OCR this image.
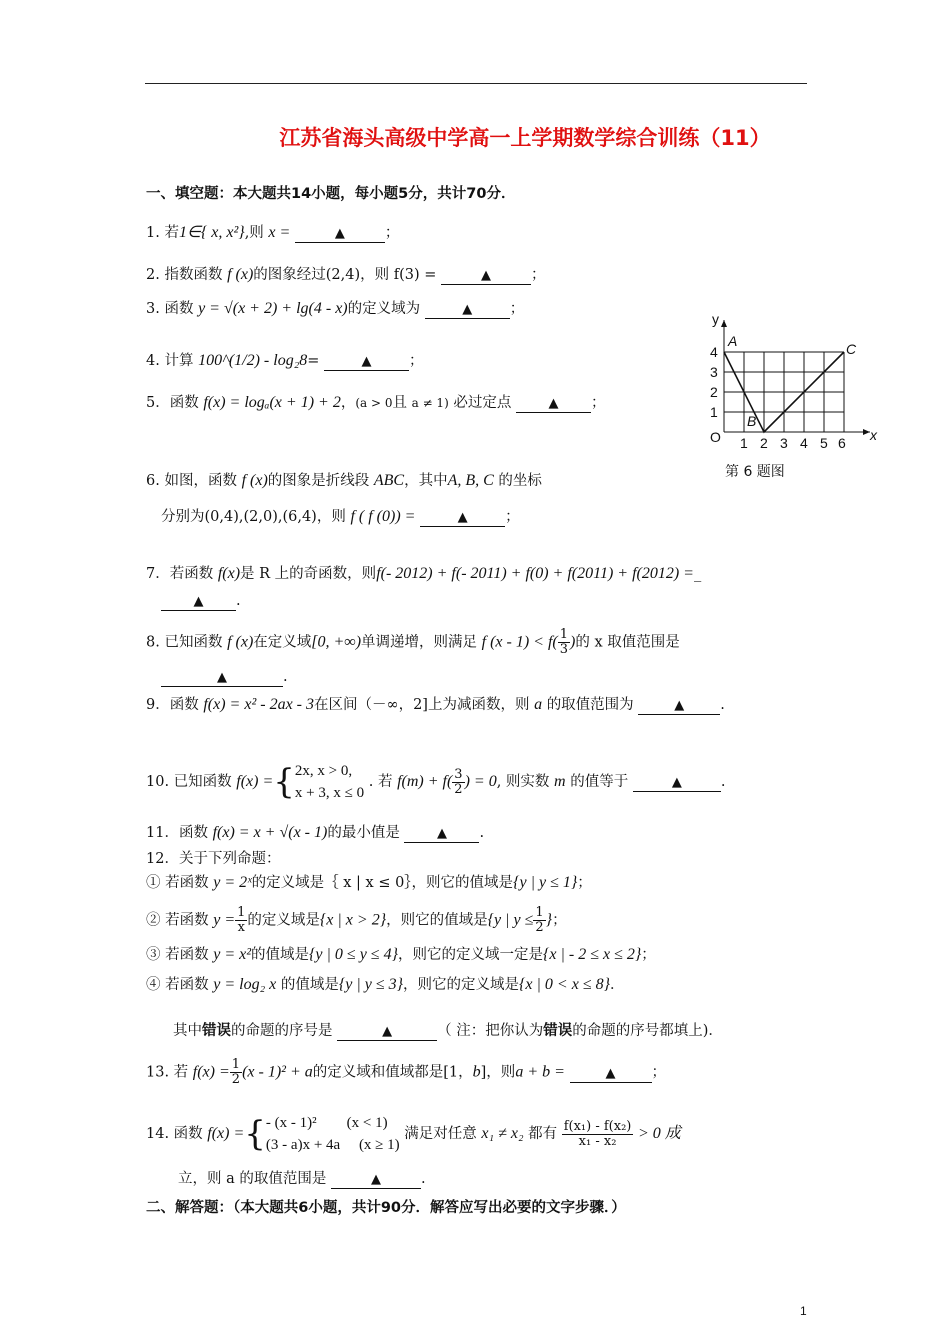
江苏省海头高级中学高一上学期数学综合训练（11）
一、填空题：本大题共14小题，每小题5分，共计70分．
1. 若1∈{ x, x²},则 x =	▲	；
2. 指数函数 f (x)的图象经过(2,4)，则 f(3) =	▲	；
3. 函数 y = √(x + 2) + lg(4 - x)的定义域为	▲	；
4. 计算 100^(1/2) - log₂8=	▲	；
5．函数 f(x) = logₐ(x + 1) + 2，(a > 0且 a ≠ 1) 必过定点	▲ ；
y
x
O
A
B
C
4
3
2
1
1 2 3 4 5 6
第 6 题图
6. 如图，函数 f (x)的图象是折线段 ABC，其中A, B, C 的坐标
分别为(0,4),(2,0),(6,4)，则 f ( f (0)) =	▲	；
7．若函数 f(x)是 R 上的奇函数，则f(- 2012) + f(- 2011) + f(0) + f(2011) + f(2012) =_
▲ .
8. 已知函数 f (x)在定义域[0, +∞)单调递增，则满足 f $(x - 1) < f( \frac{1}{3}$ )的 x 取值范围是
▲	.
9．函数 f(x) = x² - 2ax - 3在区间（－∞，2]上为减函数，则 a 的取值范围为	▲ .
10. 已知函数 f(x) ={ 2x, x > 0,
x + 3, x ≤ 0
. 若 $f(m) + f( \frac{3}{2}$ ) = 0, 则实数 m 的值等于	▲	.
11．函数 f(x) = x + √(x - 1)的最小值是	▲ .
12．关于下列命题：
① 若函数 y = 2ˣ的定义域是｛ x | x ≤ 0｝，则它的值域是{y | y ≤ 1}；
② 若函数 $y = \frac{1}{x}$ 的定义域是{x | x > 2}，则它的值域是{y | $y \le \frac{1}{2}$ }；
③ 若函数 y = x²的值域是{y | 0 ≤ y ≤ 4}，则它的定义域一定是{x | - 2 ≤ x ≤ 2}；
④ 若函数 y = log₂ x 的值域是{y | y ≤ 3}，则它的定义域是{x | 0 < x ≤ 8}．
其中错误的命题的序号是	▲	（ 注：把你认为错误的命题的序号都填上)．
13. 若 $f(x) = \frac{1}{2} (x - 1)^2 + a$的定义域和值域都是[1，b]，则a + b =	▲ ；
14. 函数 f(x) ={ - (x - 1)² (x < 1)
(3 - a)x + 4a (x ≥ 1)
满足对任意 x₁ ≠ x₂ 都有 $\frac{\text{f(x₁) - f(x₂)}}{\text{x₁ - x₂}} > 0$ 成
立，则 a 的取值范围是	▲	.
二、解答题：（本大题共6小题，共计90分．解答应写出必要的文字步骤．）
1
